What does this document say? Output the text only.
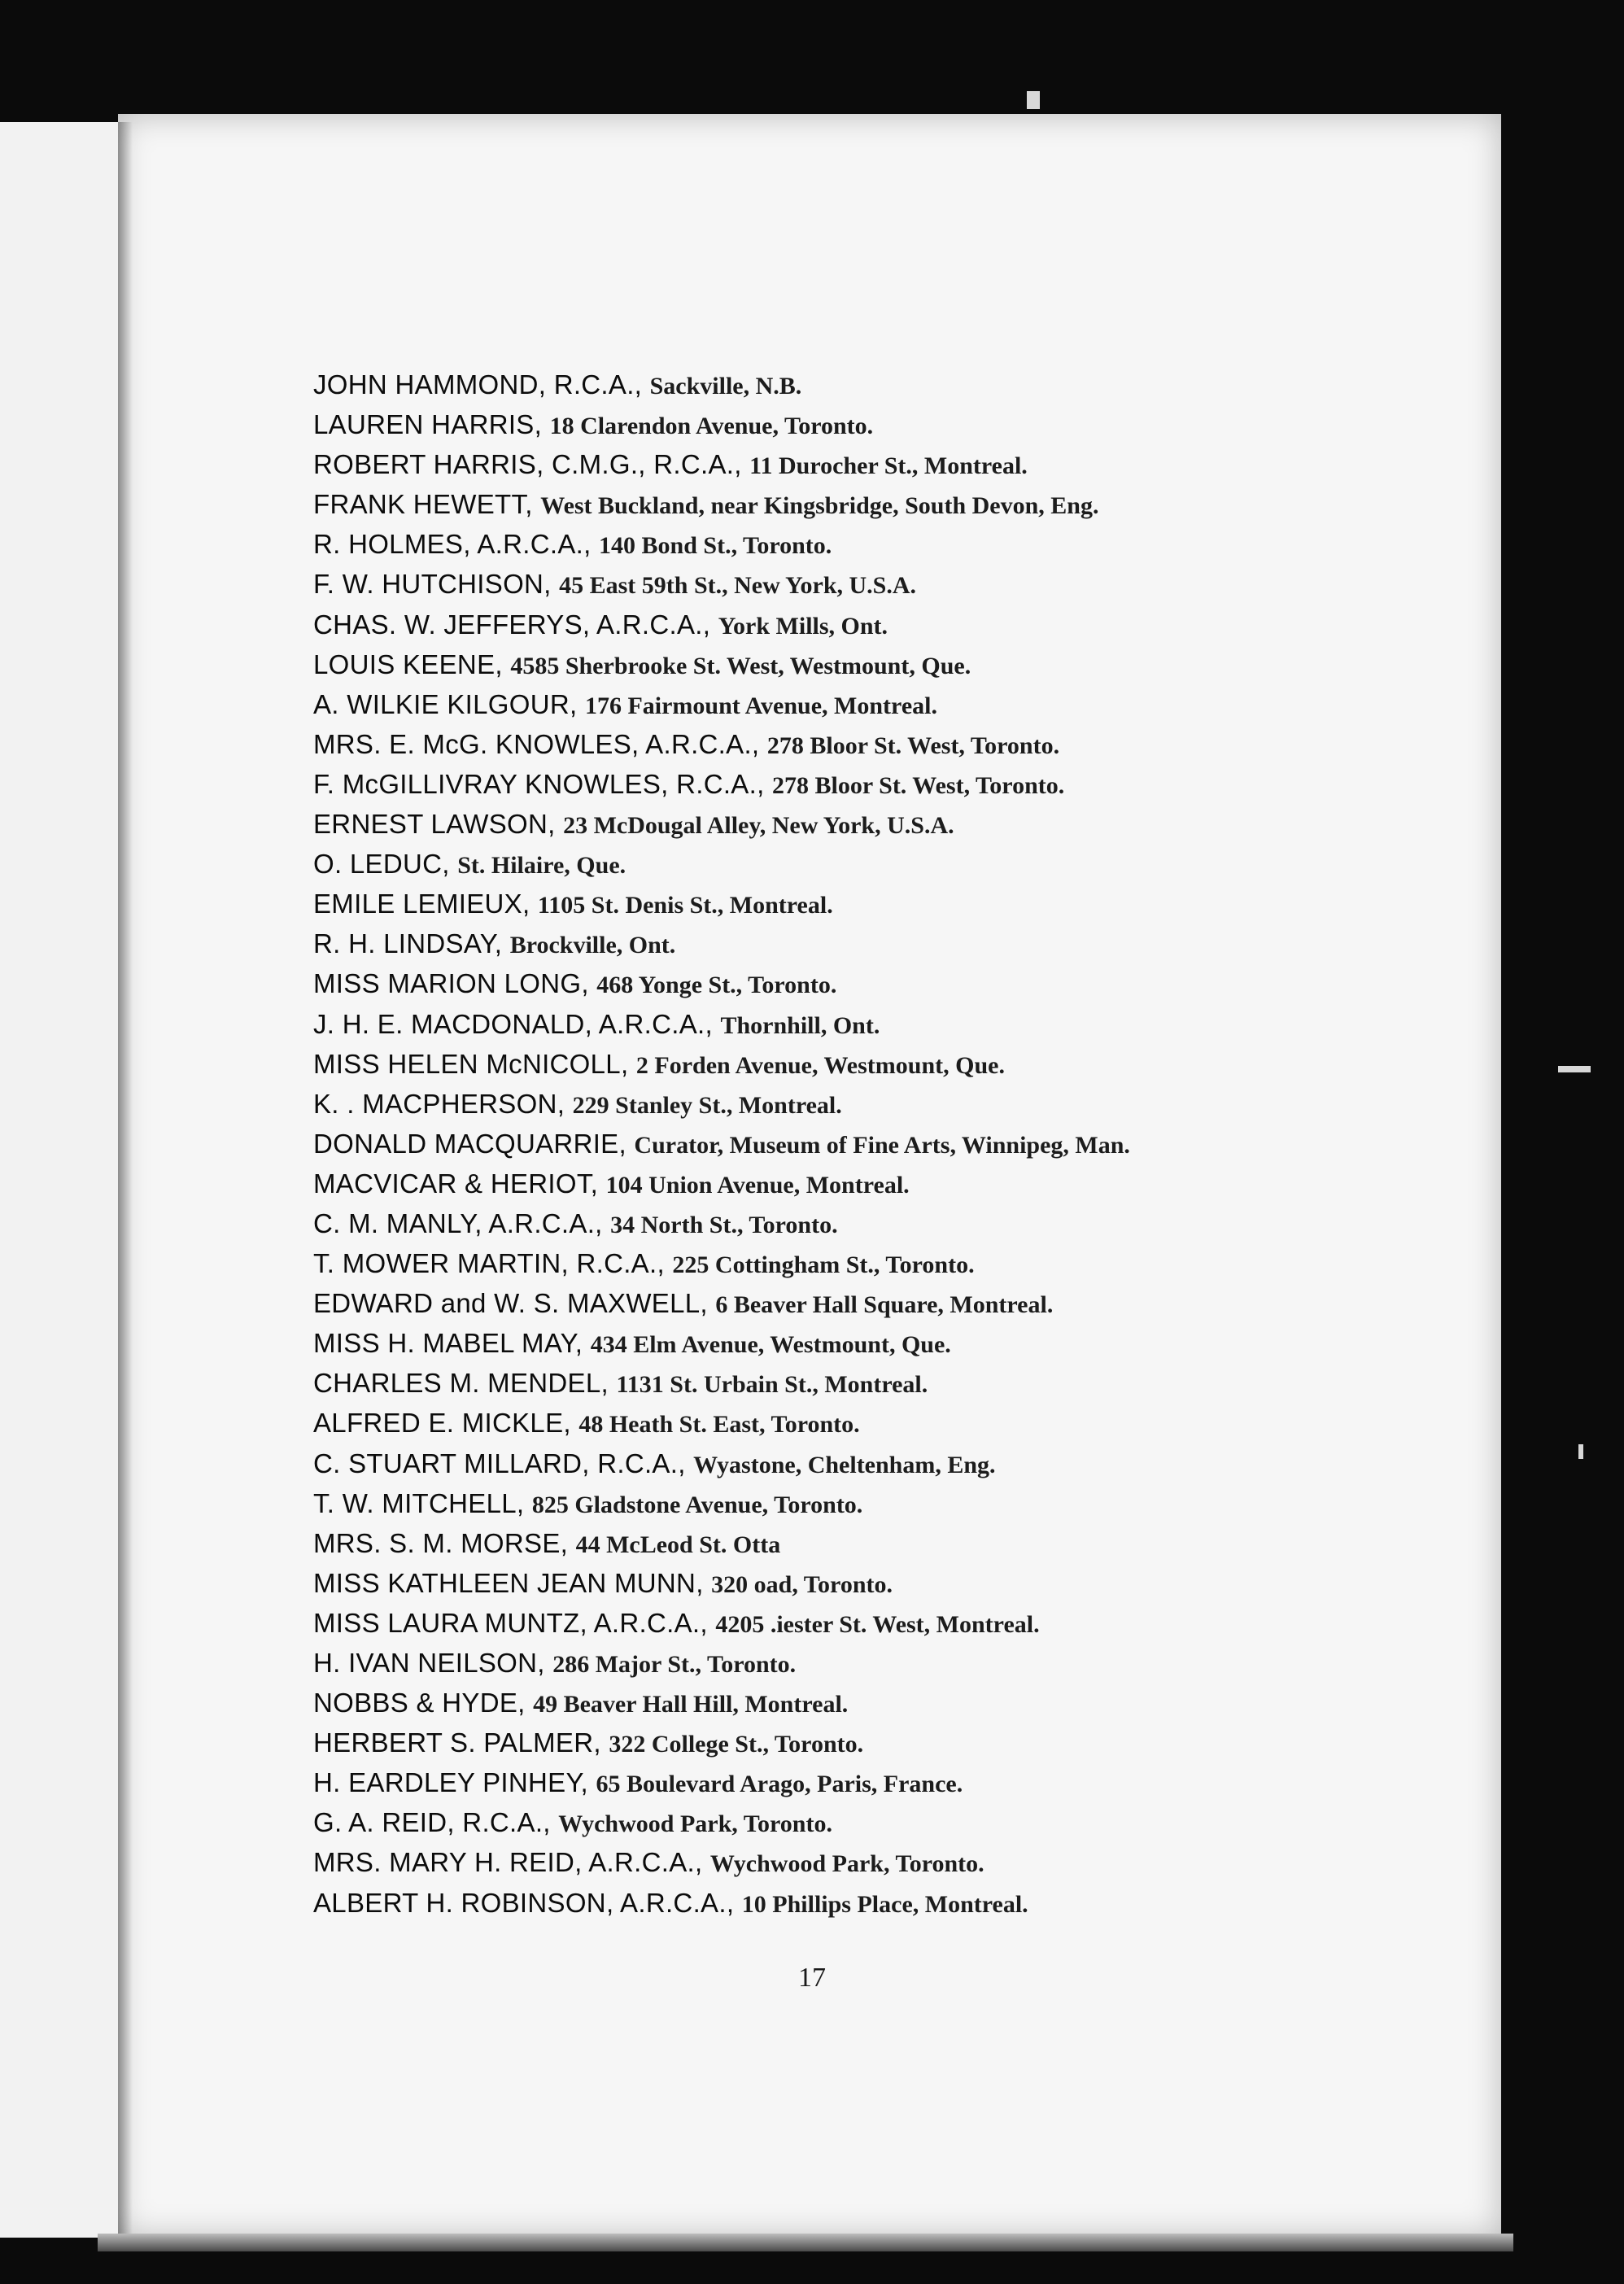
JOHN HAMMOND, R.C.A., Sackville, N.B.
LAUREN HARRIS, 18 Clarendon Avenue, Toronto.
ROBERT HARRIS, C.M.G., R.C.A., 11 Durocher St., Montreal.
FRANK HEWETT, West Buckland, near Kingsbridge, South Devon, Eng.
R. HOLMES, A.R.C.A., 140 Bond St., Toronto.
F. W. HUTCHISON, 45 East 59th St., New York, U.S.A.
CHAS. W. JEFFERYS, A.R.C.A., York Mills, Ont.
LOUIS KEENE, 4585 Sherbrooke St. West, Westmount, Que.
A. WILKIE KILGOUR, 176 Fairmount Avenue, Montreal.
MRS. E. McG. KNOWLES, A.R.C.A., 278 Bloor St. West, Toronto.
F. McGILLIVRAY KNOWLES, R.C.A., 278 Bloor St. West, Toronto.
ERNEST LAWSON, 23 McDougal Alley, New York, U.S.A.
O. LEDUC, St. Hilaire, Que.
EMILE LEMIEUX, 1105 St. Denis St., Montreal.
R. H. LINDSAY, Brockville, Ont.
MISS MARION LONG, 468 Yonge St., Toronto.
J. H. E. MACDONALD, A.R.C.A., Thornhill, Ont.
MISS HELEN McNICOLL, 2 Forden Avenue, Westmount, Que.
K. . MACPHERSON, 229 Stanley St., Montreal.
DONALD MACQUARRIE, Curator, Museum of Fine Arts, Winnipeg, Man.
MACVICAR & HERIOT, 104 Union Avenue, Montreal.
C. M. MANLY, A.R.C.A., 34 North St., Toronto.
T. MOWER MARTIN, R.C.A., 225 Cottingham St., Toronto.
EDWARD and W. S. MAXWELL, 6 Beaver Hall Square, Montreal.
MISS H. MABEL MAY, 434 Elm Avenue, Westmount, Que.
CHARLES M. MENDEL, 1131 St. Urbain St., Montreal.
ALFRED E. MICKLE, 48 Heath St. East, Toronto.
C. STUART MILLARD, R.C.A., Wyastone, Cheltenham, Eng.
T. W. MITCHELL, 825 Gladstone Avenue, Toronto.
MRS. S. M. MORSE, 44 McLeod St. Otta
MISS KATHLEEN JEAN MUNN, 320 oad, Toronto.
MISS LAURA MUNTZ, A.R.C.A., 4205 .iester St. West, Montreal.
H. IVAN NEILSON, 286 Major St., Toronto.
NOBBS & HYDE, 49 Beaver Hall Hill, Montreal.
HERBERT S. PALMER, 322 College St., Toronto.
H. EARDLEY PINHEY, 65 Boulevard Arago, Paris, France.
G. A. REID, R.C.A., Wychwood Park, Toronto.
MRS. MARY H. REID, A.R.C.A., Wychwood Park, Toronto.
ALBERT H. ROBINSON, A.R.C.A., 10 Phillips Place, Montreal.
17
